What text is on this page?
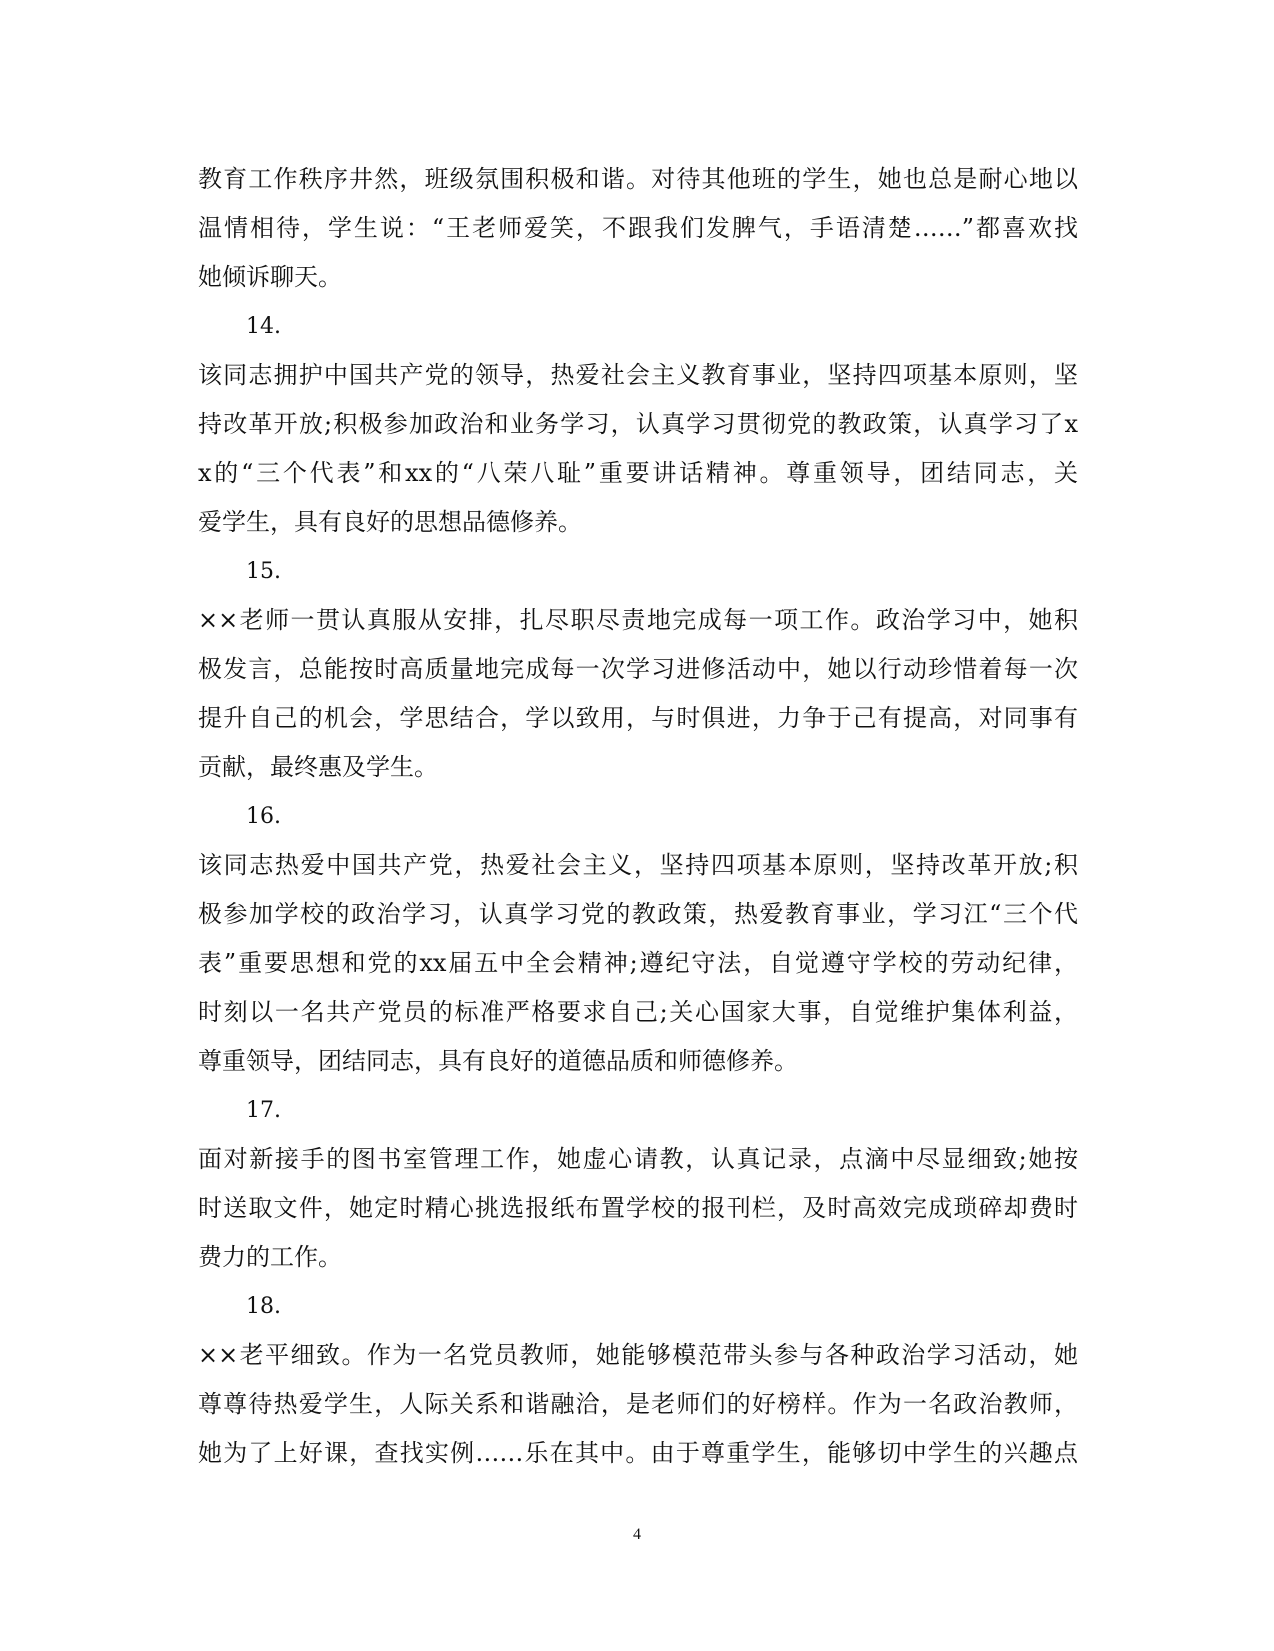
教育工作秩序井然，班级氛围积极和谐。对待其他班的学生，她也总是耐心地以
温情相待，学生说：“王老师爱笑，不跟我们发脾气，手语清楚……”都喜欢找
她倾诉聊天。
14.
该同志拥护中国共产党的领导，热爱社会主义教育事业，坚持四项基本原则，坚
持改革开放;积极参加政治和业务学习，认真学习贯彻党的教政策，认真学习了x
x的“三个代表”和xx的“八荣八耻”重要讲话精神。尊重领导，团结同志，关
爱学生，具有良好的思想品德修养。
15.
××老师一贯认真服从安排，扎尽职尽责地完成每一项工作。政治学习中，她积
极发言，总能按时高质量地完成每一次学习进修活动中，她以行动珍惜着每一次
提升自己的机会，学思结合，学以致用，与时俱进，力争于己有提高，对同事有
贡献，最终惠及学生。
16.
该同志热爱中国共产党，热爱社会主义，坚持四项基本原则，坚持改革开放;积
极参加学校的政治学习，认真学习党的教政策，热爱教育事业，学习江“三个代
表”重要思想和党的xx届五中全会精神;遵纪守法，自觉遵守学校的劳动纪律，
时刻以一名共产党员的标准严格要求自己;关心国家大事，自觉维护集体利益，
尊重领导，团结同志，具有良好的道德品质和师德修养。
17.
面对新接手的图书室管理工作，她虚心请教，认真记录，点滴中尽显细致;她按
时送取文件，她定时精心挑选报纸布置学校的报刊栏，及时高效完成琐碎却费时
费力的工作。
18.
××老平细致。作为一名党员教师，她能够模范带头参与各种政治学习活动，她
尊尊待热爱学生，人际关系和谐融洽，是老师们的好榜样。作为一名政治教师，
她为了上好课，查找实例……乐在其中。由于尊重学生，能够切中学生的兴趣点
4
